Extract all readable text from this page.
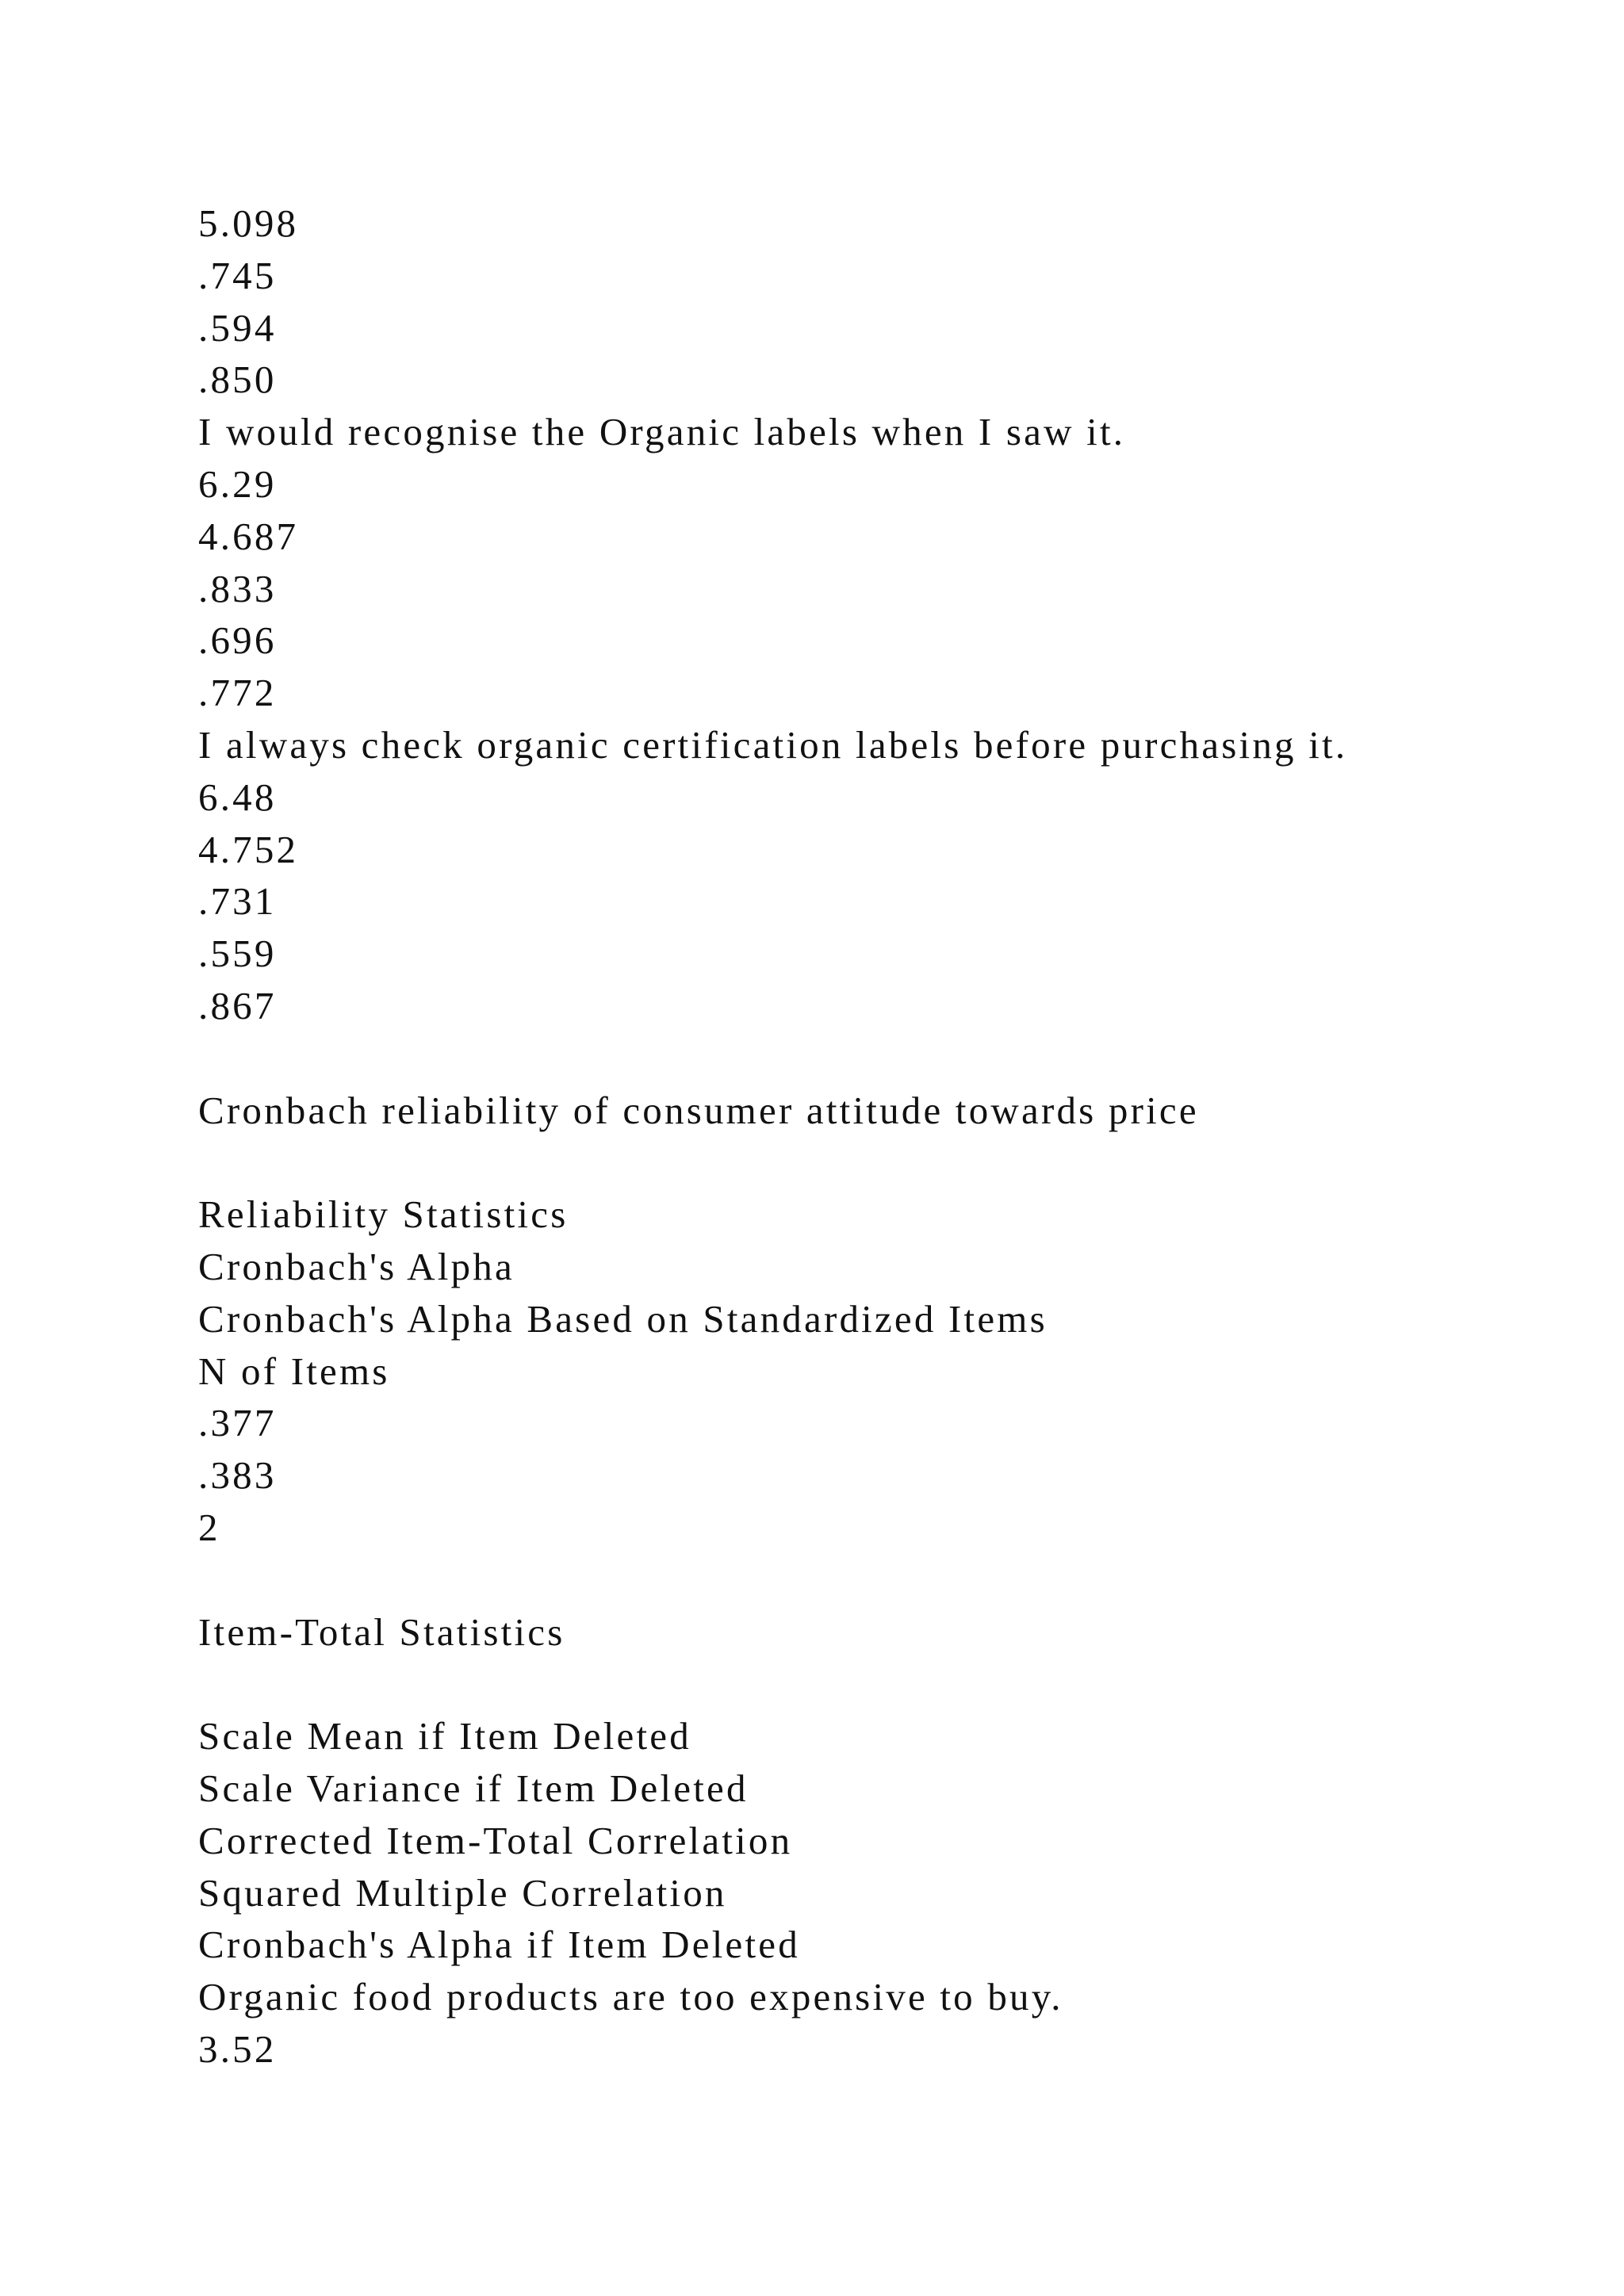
5.098
.745
.594
.850
I would recognise the Organic labels when I saw it.
6.29
4.687
.833
.696
.772
I always check organic certification labels before purchasing it.
6.48
4.752
.731
.559
.867
Cronbach reliability of consumer attitude towards price
Reliability Statistics
Cronbach's Alpha
Cronbach's Alpha Based on Standardized Items
N of Items
.377
.383
2
Item-Total Statistics
Scale Mean if Item Deleted
Scale Variance if Item Deleted
Corrected Item-Total Correlation
Squared Multiple Correlation
Cronbach's Alpha if Item Deleted
Organic food products are too expensive to buy.
3.52
